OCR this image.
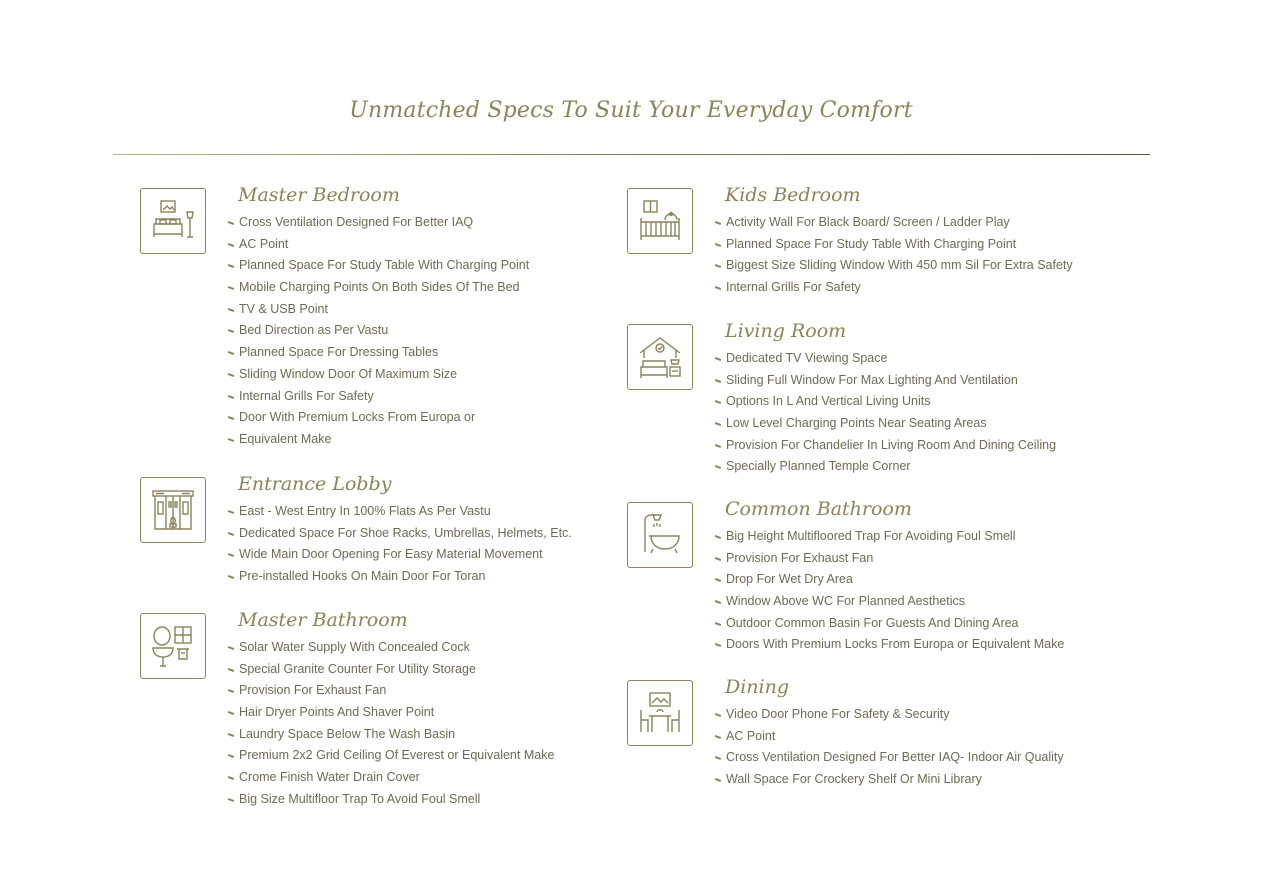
Unmatched Specs To Suit Your Everyday Comfort
Master Bedroom
Cross Ventilation Designed For Better IAQ
AC Point
Planned Space For Study Table With Charging Point
Mobile Charging Points On Both Sides Of The Bed
TV & USB Point
Bed Direction as Per Vastu
Planned Space For Dressing Tables
Sliding Window Door Of Maximum Size
Internal Grills For Safety
Door With Premium Locks From Europa or
Equivalent Make
Entrance Lobby
East - West Entry In 100% Flats As Per Vastu
Dedicated Space For Shoe Racks, Umbrellas, Helmets, Etc.
Wide Main Door Opening For Easy Material Movement
Pre-installed Hooks On Main Door For Toran
Master Bathroom
Solar Water Supply With Concealed Cock
Special Granite Counter For Utility Storage
Provision For Exhaust Fan
Hair Dryer Points And Shaver Point
Laundry Space Below The Wash Basin
Premium 2x2 Grid Ceiling Of Everest or Equivalent Make
Crome Finish Water Drain Cover
Big Size Multifloor Trap To Avoid Foul Smell
Kids Bedroom
Activity Wall For Black Board/ Screen / Ladder Play
Planned Space For Study Table With Charging Point
Biggest Size Sliding Window With 450 mm Sil For Extra Safety
Internal Grills For Safety
Living Room
Dedicated TV Viewing Space
Sliding Full Window For Max Lighting And Ventilation
Options In L And Vertical Living Units
Low Level Charging Points Near Seating Areas
Provision For Chandelier In Living Room And Dining Ceiling
Specially Planned Temple Corner
Common Bathroom
Big Height Multifloored Trap For Avoiding Foul Smell
Provision For Exhaust Fan
Drop For Wet Dry Area
Window Above WC For Planned Aesthetics
Outdoor Common Basin For Guests And Dining Area
Doors With Premium Locks From Europa or Equivalent Make
Dining
Video Door Phone For Safety & Security
AC Point
Cross Ventilation Designed For Better IAQ- Indoor Air Quality
Wall Space For Crockery Shelf Or Mini Library
